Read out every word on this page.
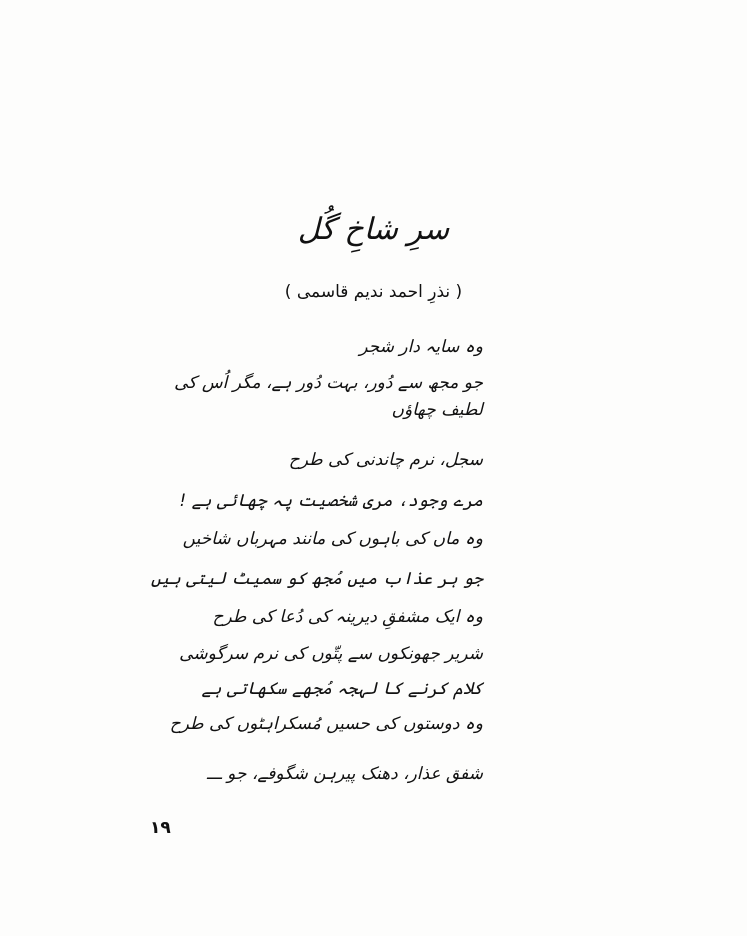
سرِ شاخِ گُل
( نذرِ احمد ندیم قاسمی )
وہ سایہ دار شجر
جو مجھ سے دُور، بہت دُور ہے، مگر اُس کی
لطیف چھاؤں
سجل، نرم چاندنی کی طرح
مرے وجود، مری شخصیت پہ چھائی ہے !
وہ ماں کی باہوں کی مانند مہرباں شاخیں
جو ہر عذاب میں مُجھ کو سمیٹ لیتی ہیں
وہ ایک مشفقِ دیرینہ کی دُعا کی طرح
شریر جھونکوں سے پتّوں کی نرم سرگوشی
کلام کرنے کا لہجہ مُجھے سکھاتی ہے
وہ دوستوں کی حسیں مُسکراہٹوں کی طرح
شفق عذار، دھنک پیرہن شگوفے، جو ـــ
۱۹
